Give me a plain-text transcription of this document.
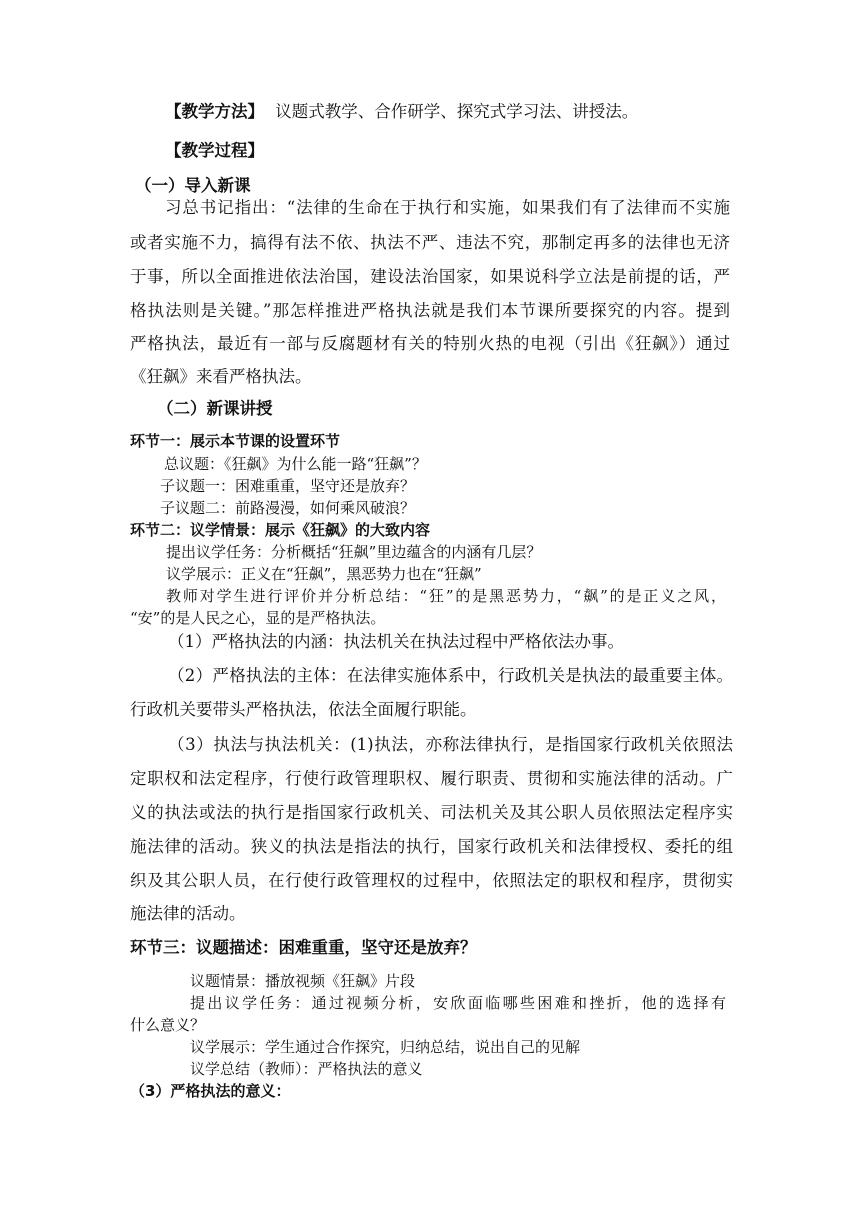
【教学方法】 议题式教学、合作研学、探究式学习法、讲授法。
【教学过程】
（一）导入新课
习总书记指出：“法律的生命在于执行和实施，如果我们有了法律而不实施
或者实施不力，搞得有法不依、执法不严、违法不究，那制定再多的法律也无济
于事，所以全面推进依法治国，建设法治国家，如果说科学立法是前提的话，严
格执法则是关键。”那怎样推进严格执法就是我们本节课所要探究的内容。提到
严格执法，最近有一部与反腐题材有关的特别火热的电视（引出《狂飙》）通过
《狂飙》来看严格执法。
（二）新课讲授
环节一：展示本节课的设置环节
总议题：《狂飙》为什么能一路“狂飙”？
子议题一：困难重重，坚守还是放弃？
子议题二：前路漫漫，如何乘风破浪？
环节二：议学情景：展示《狂飙》的大致内容
提出议学任务：分析概括“狂飙”里边蕴含的内涵有几层？
议学展示：正义在“狂飙”，黑恶势力也在“狂飙”
教师对学生进行评价并分析总结：“狂”的是黑恶势力，“飙”的是正义之风，
“安”的是人民之心，显的是严格执法。
（1）严格执法的内涵：执法机关在执法过程中严格依法办事。
（2）严格执法的主体：在法律实施体系中，行政机关是执法的最重要主体。
行政机关要带头严格执法，依法全面履行职能。
（3）执法与执法机关：(1)执法，亦称法律执行，是指国家行政机关依照法
定职权和法定程序，行使行政管理职权、履行职责、贯彻和实施法律的活动。广
义的执法或法的执行是指国家行政机关、司法机关及其公职人员依照法定程序实
施法律的活动。狭义的执法是指法的执行，国家行政机关和法律授权、委托的组
织及其公职人员，在行使行政管理权的过程中，依照法定的职权和程序，贯彻实
施法律的活动。
环节三：议题描述：困难重重，坚守还是放弃？
议题情景：播放视频《狂飙》片段
提出议学任务：通过视频分析，安欣面临哪些困难和挫折，他的选择有
什么意义？
议学展示：学生通过合作探究，归纳总结，说出自己的见解
议学总结（教师）：严格执法的意义
（3）严格执法的意义：
